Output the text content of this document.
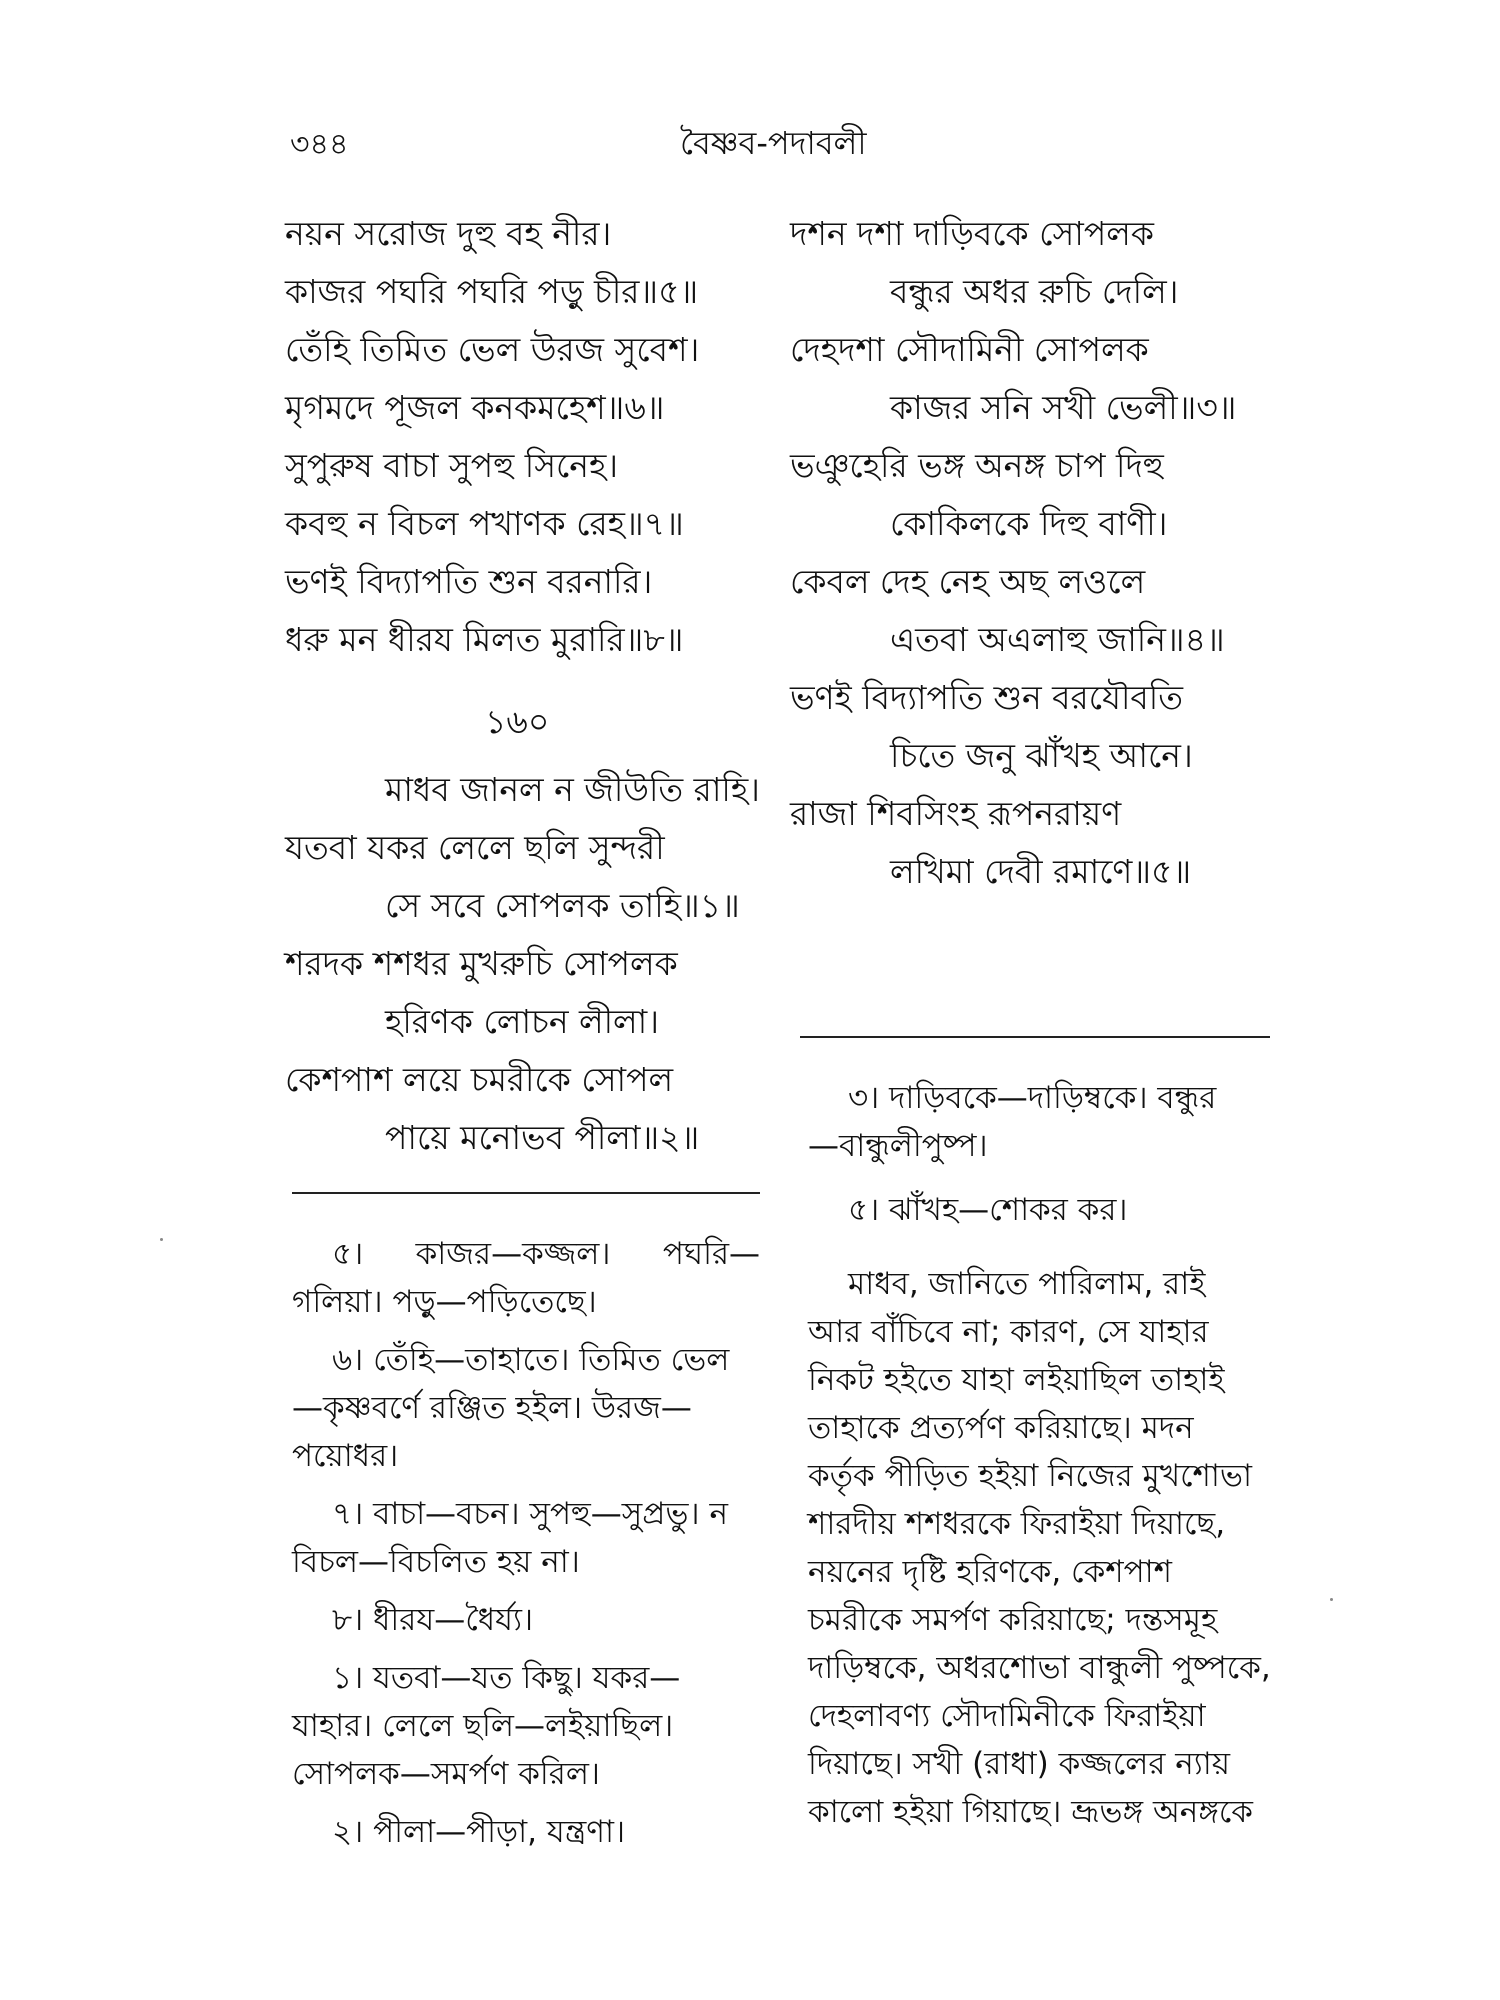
৩৪৪	বৈষ্ণব-পদাবলী
নয়ন সরোজ দুহু বহ নীর।
কাজর পঘরি পঘরি পড়ু চীর॥৫॥
তেঁহি তিমিত ভেল উরজ সুবেশ।
মৃগমদে পূজল কনকমহেশ॥৬॥
সুপুরুষ বাচা সুপহু সিনেহ।
কবহু ন বিচল পখাণক রেহ॥৭॥
ভণই বিদ্যাপতি শুন বরনারি।
ধরু মন ধীরয মিলত মুরারি॥৮॥
১৬০
মাধব জানল ন জীউতি রাহি।
যতবা যকর লেলে ছলি সুন্দরী
সে সবে সোপলক তাহি॥১॥
শরদক শশধর মুখরুচি সোপলক
হরিণক লোচন লীলা।
কেশপাশ লয়ে চমরীকে সোপল
পায়ে মনোভব পীলা॥২॥
দশন দশা দাড়িবকে সোপলক
বন্ধুর অধর রুচি দেলি।
দেহদশা সৌদামিনী সোপলক
কাজর সনি সখী ভেলী॥৩॥
ভঞুহেরি ভঙ্গ অনঙ্গ চাপ দিহু
কোকিলকে দিহু বাণী।
কেবল দেহ নেহ অছ লওলে
এতবা অএলাহু জানি॥৪॥
ভণই বিদ্যাপতি শুন বরযৌবতি
চিতে জনু ঝাঁখহ আনে।
রাজা শিবসিংহ রূপনরায়ণ
লখিমা দেবী রমাণে॥৫॥
৫। কাজর—কজ্জল। পঘরি—
গলিয়া। পড়ু—পড়িতেছে।
৬। তেঁহি—তাহাতে। তিমিত ভেল
—কৃষ্ণবর্ণে রঞ্জিত হইল। উরজ—
পয়োধর।
৭। বাচা—বচন। সুপহু—সুপ্রভু। ন
বিচল—বিচলিত হয় না।
৮। ধীরয—ধৈর্য্য।
১। যতবা—যত কিছু। যকর—
যাহার। লেলে ছলি—লইয়াছিল।
সোপলক—সমর্পণ করিল।
২। পীলা—পীড়া, যন্ত্রণা।
৩। দাড়িবকে—দাড়িম্বকে। বন্ধুর
—বান্ধুলীপুষ্প।
৫। ঝাঁখহ—শোকর কর।
মাধব, জানিতে পারিলাম, রাই
আর বাঁচিবে না; কারণ, সে যাহার
নিকট হইতে যাহা লইয়াছিল তাহাই
তাহাকে প্রত্যর্পণ করিয়াছে। মদন
কর্তৃক পীড়িত হইয়া নিজের মুখশোভা
শারদীয় শশধরকে ফিরাইয়া দিয়াছে,
নয়নের দৃষ্টি হরিণকে, কেশপাশ
চমরীকে সমর্পণ করিয়াছে; দন্তসমূহ
দাড়িম্বকে, অধরশোভা বান্ধুলী পুষ্পকে,
দেহলাবণ্য সৌদামিনীকে ফিরাইয়া
দিয়াছে। সখী (রাধা) কজ্জলের ন্যায়
কালো হইয়া গিয়াছে। ভ্রূভঙ্গ অনঙ্গকে
